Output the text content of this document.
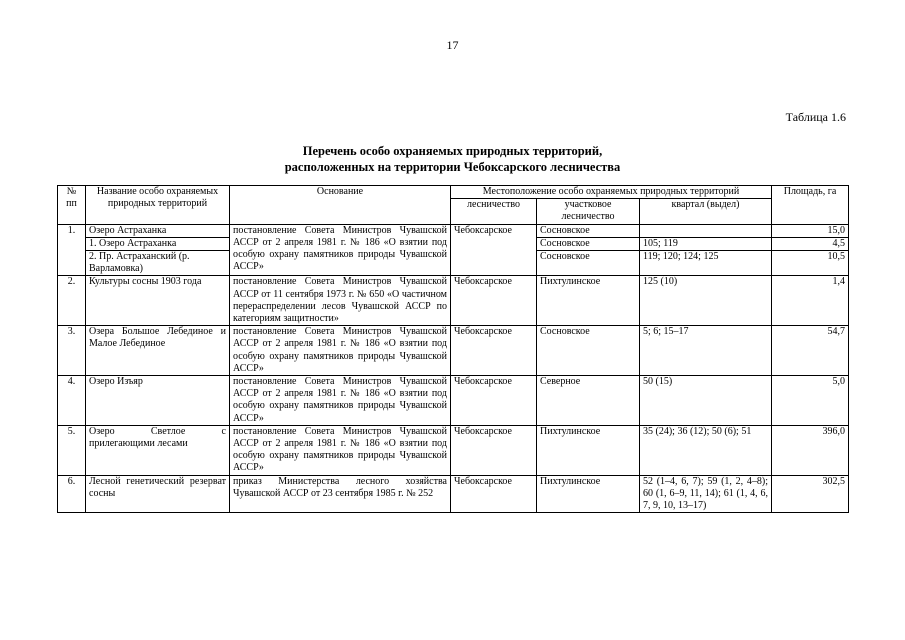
17
Таблица 1.6
Перечень особо охраняемых природных территорий,
расположенных на территории Чебоксарского лесничества
№ пп	Название особо охраняемых природных территорий	Основание	Местоположение особо охраняемых природных территорий			Площадь, га
			лесничество	участковое лесничество	квартал (выдел)	
1.	Озеро Астраханка	постановление Совета Министров Чувашской АССР от 2 апреля 1981 г. № 186 «О взятии под особую охрану памятников природы Чувашской АССР»	Чебоксарское	Сосновское		15,0
	1. Озеро Астраханка			Сосновское	105; 119	4,5
	2. Пр. Астраханский (р. Варламовка)			Сосновское	119; 120; 124; 125	10,5
2.	Культуры сосны 1903 года	постановление Совета Министров Чувашской АССР от 11 сентября 1973 г. № 650 «О частичном перераспределении лесов Чувашской АССР по категориям защитности»	Чебоксарское	Пихтулинское	125 (10)	1,4
3.	Озера Большое Лебединое и Малое Лебединое	постановление Совета Министров Чувашской АССР от 2 апреля 1981 г. № 186 «О взятии под особую охрану памятников природы Чувашской АССР»	Чебоксарское	Сосновское	5; 6; 15–17	54,7
4.	Озеро Изъяр	постановление Совета Министров Чувашской АССР от 2 апреля 1981 г. № 186 «О взятии под особую охрану памятников природы Чувашской АССР»	Чебоксарское	Северное	50 (15)	5,0
5.	Озеро Светлое с прилегающими лесами	постановление Совета Министров Чувашской АССР от 2 апреля 1981 г. № 186 «О взятии под особую охрану памятников природы Чувашской АССР»	Чебоксарское	Пихтулинское	35 (24); 36 (12); 50 (6); 51	396,0
6.	Лесной генетический резерват сосны	приказ Министерства лесного хозяйства Чувашской АССР от 23 сентября 1985 г. № 252	Чебоксарское	Пихтулинское	52 (1–4, 6, 7); 59 (1, 2, 4–8); 60 (1, 6–9, 11, 14); 61 (1, 4, 6, 7, 9, 10, 13–17)	302,5
